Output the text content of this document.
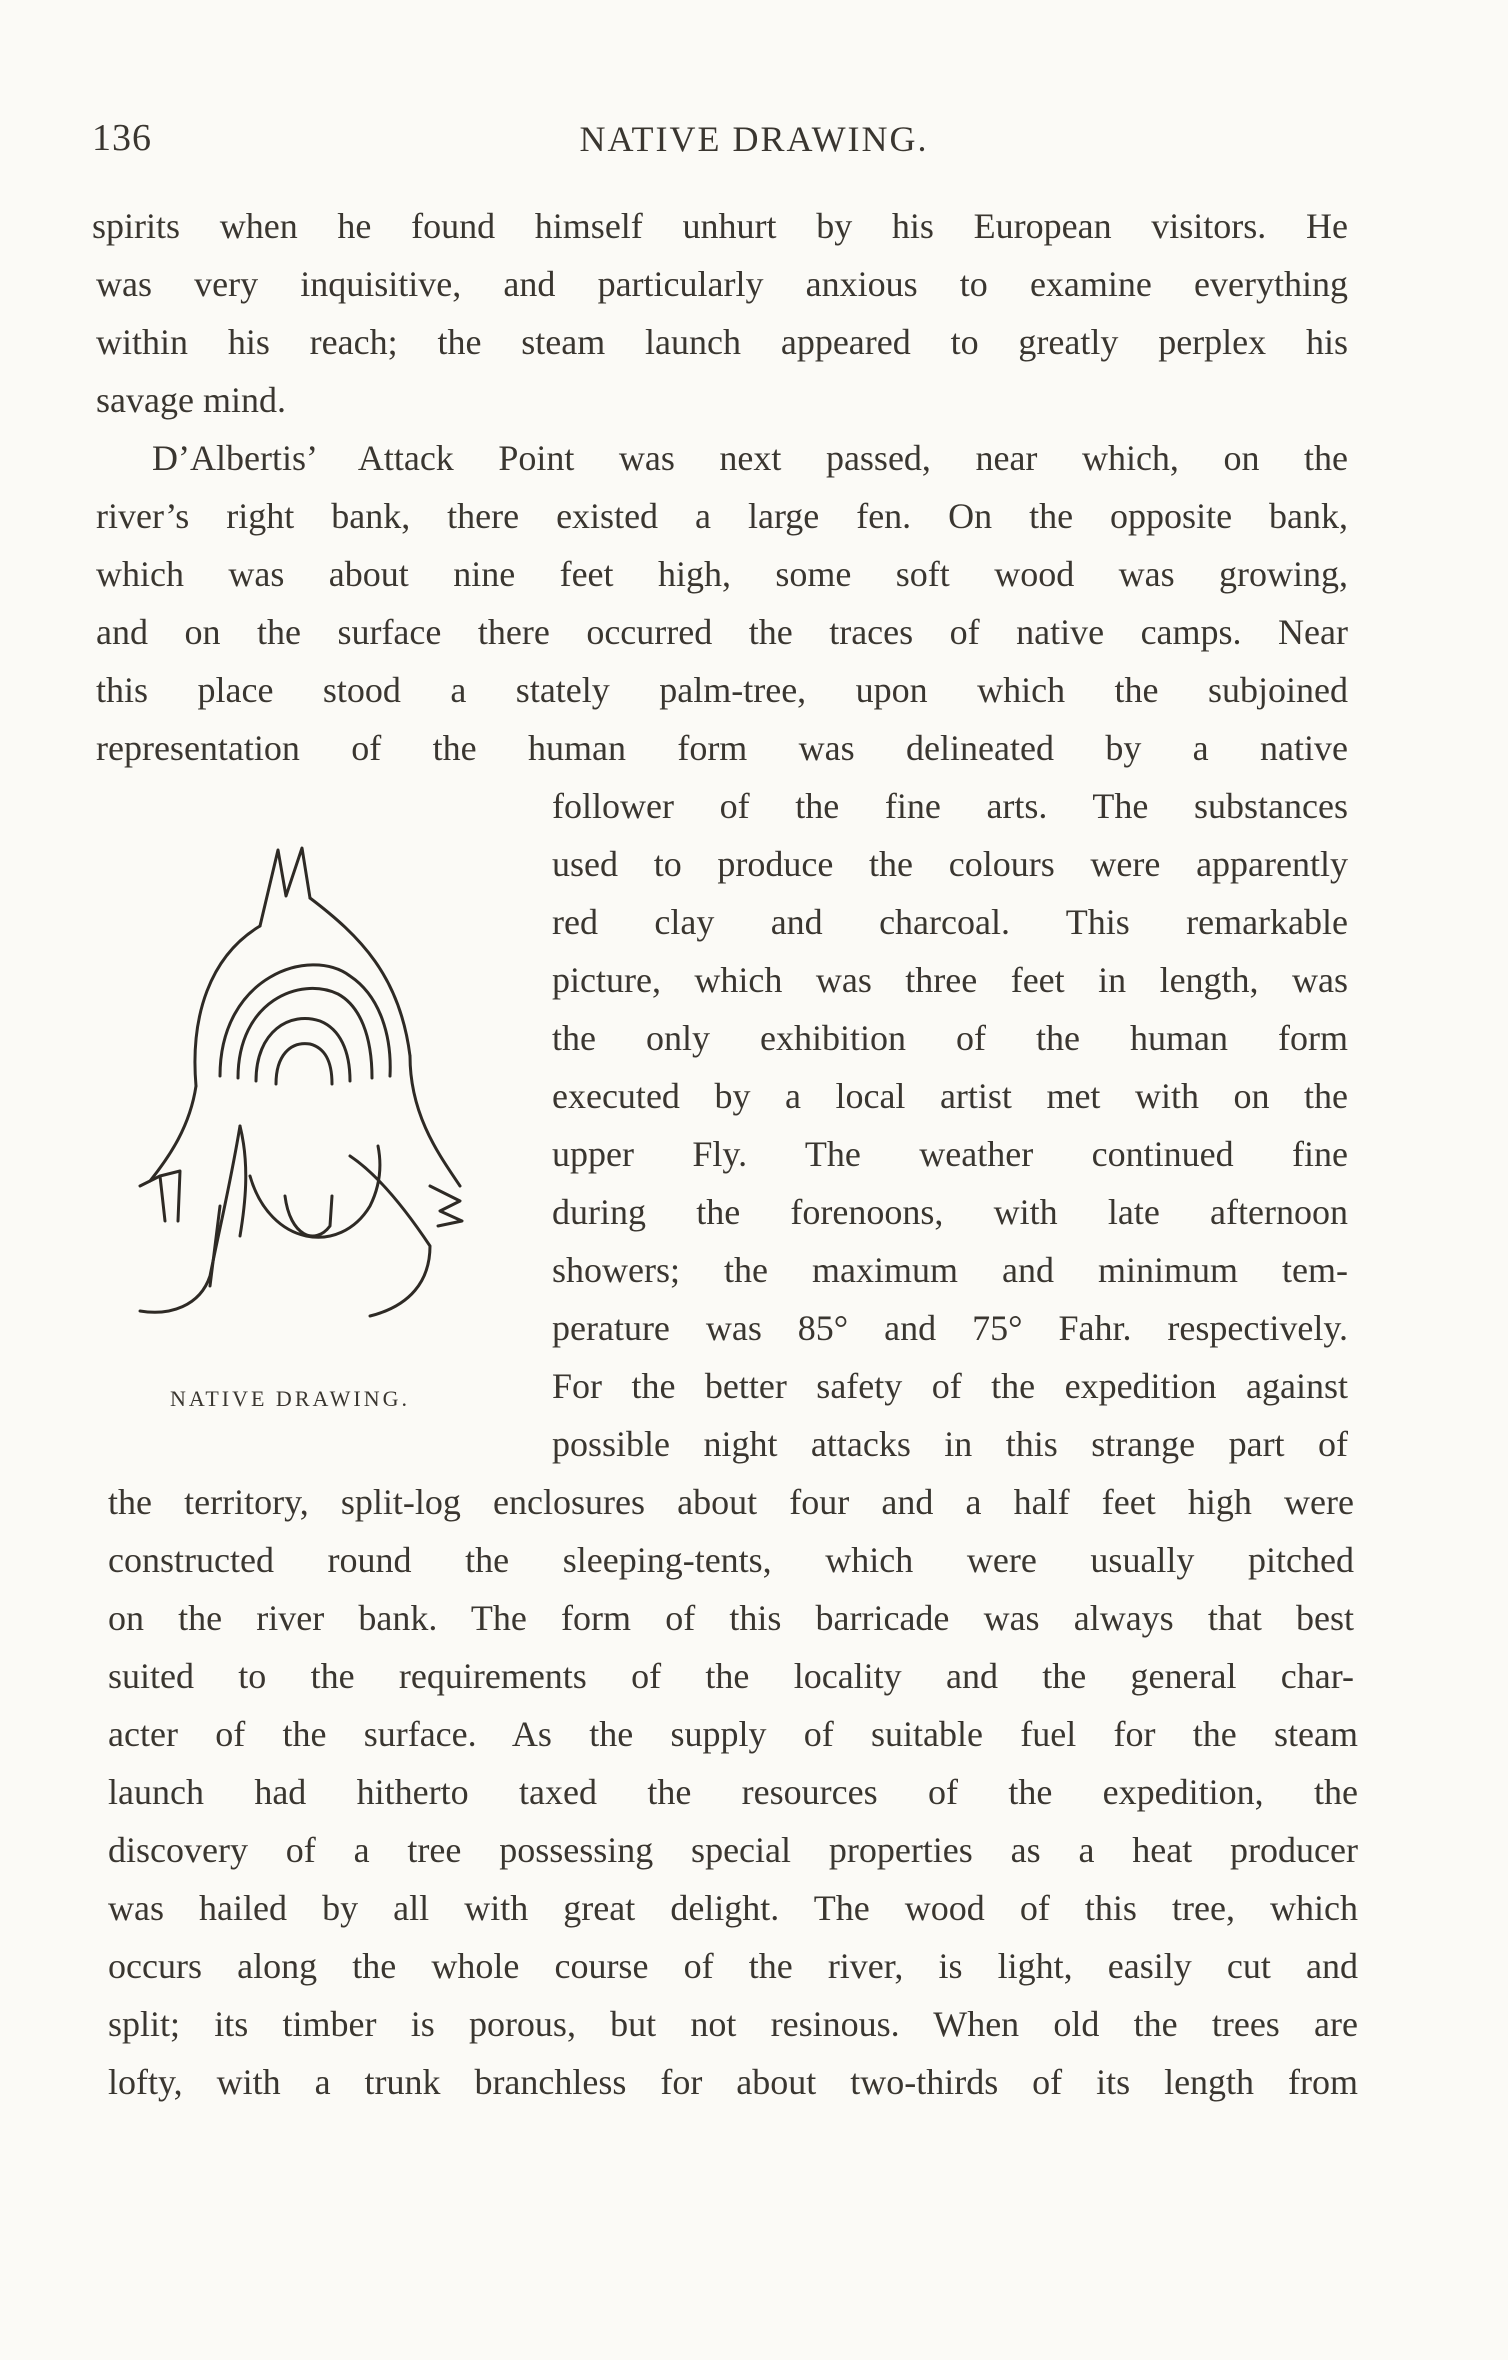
136	NATIVE DRAWING.
spirits when he found himself unhurt by his European visitors. He
was very inquisitive, and particularly anxious to examine everything
within his reach; the steam launch appeared to greatly perplex his
savage mind.
D’Albertis’ Attack Point was next passed, near which, on the
river’s right bank, there existed a large fen. On the opposite bank,
which was about nine feet high, some soft wood was growing,
and on the surface there occurred the traces of native camps. Near
this place stood a stately palm-tree, upon which the subjoined
representation of the human form was delineated by a native
follower of the fine arts. The substances
used to produce the colours were apparently
red clay and charcoal. This remarkable
picture, which was three feet in length, was
the only exhibition of the human form
executed by a local artist met with on the
upper Fly. The weather continued fine
during the forenoons, with late afternoon
showers; the maximum and minimum tem-
perature was 85° and 75° Fahr. respectively.
For the better safety of the expedition against
possible night attacks in this strange part of
the territory, split-log enclosures about four and a half feet high were
constructed round the sleeping-tents, which were usually pitched
on the river bank. The form of this barricade was always that best
suited to the requirements of the locality and the general char-
acter of the surface. As the supply of suitable fuel for the steam
launch had hitherto taxed the resources of the expedition, the
discovery of a tree possessing special properties as a heat producer
was hailed by all with great delight. The wood of this tree, which
occurs along the whole course of the river, is light, easily cut and
split; its timber is porous, but not resinous. When old the trees are
lofty, with a trunk branchless for about two-thirds of its length from
NATIVE DRAWING.
